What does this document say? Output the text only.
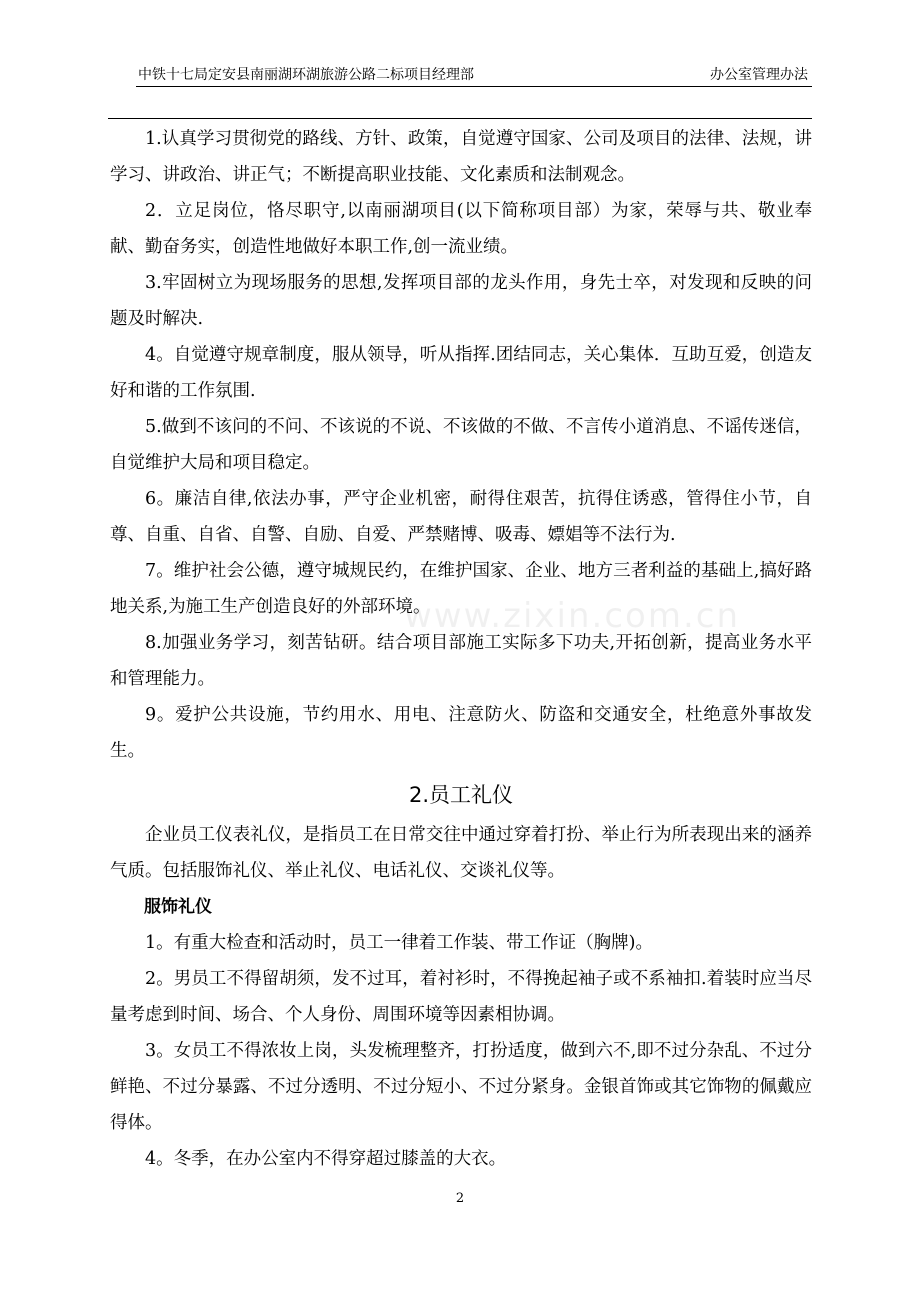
中铁十七局定安县南丽湖环湖旅游公路二标项目经理部	办公室管理办法
www.zixin.com.cn

1.认真学习贯彻党的路线、方针、政策，自觉遵守国家、公司及项目的法律、法规，讲学习、讲政治、讲正气；不断提高职业技能、文化素质和法制观念。

2．立足岗位，恪尽职守,以南丽湖项目(以下简称项目部）为家，荣辱与共、敬业奉献、勤奋务实，创造性地做好本职工作,创一流业绩。

3.牢固树立为现场服务的思想,发挥项目部的龙头作用，身先士卒，对发现和反映的问题及时解决.

4。自觉遵守规章制度，服从领导，听从指挥.团结同志，关心集体．互助互爱，创造友好和谐的工作氛围.

5.做到不该问的不问、不该说的不说、不该做的不做、不言传小道消息、不谣传迷信，自觉维护大局和项目稳定。

6。廉洁自律,依法办事，严守企业机密，耐得住艰苦，抗得住诱惑，管得住小节，自尊、自重、自省、自警、自励、自爱、严禁赌博、吸毒、嫖娼等不法行为.

7。维护社会公德，遵守城规民约，在维护国家、企业、地方三者利益的基础上,搞好路地关系,为施工生产创造良好的外部环境。

8.加强业务学习，刻苦钻研。结合项目部施工实际多下功夫,开拓创新，提高业务水平和管理能力。

9。爱护公共设施，节约用水、用电、注意防火、防盗和交通安全，杜绝意外事故发生。

2.员工礼仪

企业员工仪表礼仪，是指员工在日常交往中通过穿着打扮、举止行为所表现出来的涵养气质。包括服饰礼仪、举止礼仪、电话礼仪、交谈礼仪等。

服饰礼仪

1。有重大检查和活动时，员工一律着工作装、带工作证（胸牌)。

2。男员工不得留胡须，发不过耳，着衬衫时，不得挽起袖子或不系袖扣.着装时应当尽量考虑到时间、场合、个人身份、周围环境等因素相协调。

3。女员工不得浓妆上岗，头发梳理整齐，打扮适度，做到六不,即不过分杂乱、不过分鲜艳、不过分暴露、不过分透明、不过分短小、不过分紧身。金银首饰或其它饰物的佩戴应得体。

4。冬季，在办公室内不得穿超过膝盖的大衣。

2
